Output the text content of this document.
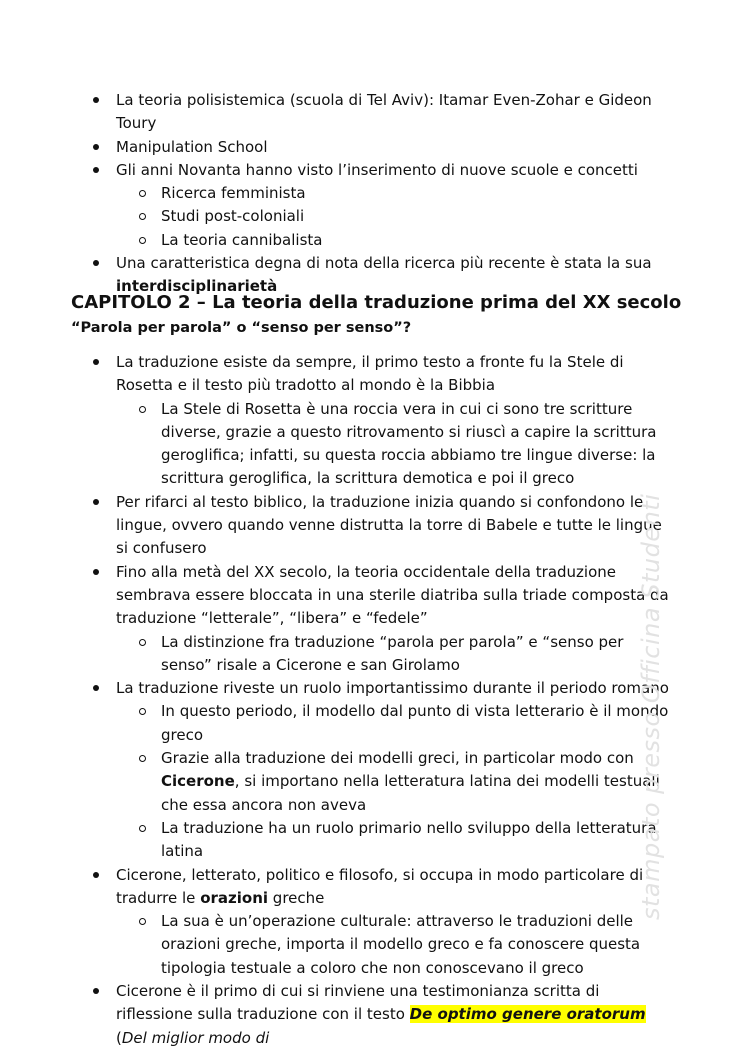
La teoria polisistemica (scuola di Tel Aviv): Itamar Even-Zohar e Gideon Toury
Manipulation School
Gli anni Novanta hanno visto l’inserimento di nuove scuole e concetti
Ricerca femminista
Studi post-coloniali
La teoria cannibalista
Una caratteristica degna di nota della ricerca più recente è stata la sua interdisciplinarietà
CAPITOLO 2 – La teoria della traduzione prima del XX secolo
“Parola per parola” o “senso per senso”?
La traduzione esiste da sempre, il primo testo a fronte fu la Stele di Rosetta e il testo più tradotto al mondo è la Bibbia
La Stele di Rosetta è una roccia vera in cui ci sono tre scritture diverse, grazie a questo ritrovamento si riuscì a capire la scrittura geroglifica; infatti, su questa roccia abbiamo tre lingue diverse: la scrittura geroglifica, la scrittura demotica e poi il greco
Per rifarci al testo biblico, la traduzione inizia quando si confondono le lingue, ovvero quando venne distrutta la torre di Babele e tutte le lingue si confusero
Fino alla metà del XX secolo, la teoria occidentale della traduzione sembrava essere bloccata in una sterile diatriba sulla triade composta da traduzione “letterale”, “libera” e “fedele”
La distinzione fra traduzione “parola per parola” e “senso per senso” risale a Cicerone e san Girolamo
La traduzione riveste un ruolo importantissimo durante il periodo romano
In questo periodo, il modello dal punto di vista letterario è il mondo greco
Grazie alla traduzione dei modelli greci, in particolar modo con Cicerone, si importano nella letteratura latina dei modelli testuali che essa ancora non aveva
La traduzione ha un ruolo primario nello sviluppo della letteratura latina
Cicerone, letterato, politico e filosofo, si occupa in modo particolare di tradurre le orazioni greche
La sua è un’operazione culturale: attraverso le traduzioni delle orazioni greche, importa il modello greco e fa conoscere questa tipologia testuale a coloro che non conoscevano il greco
Cicerone è il primo di cui si rinviene una testimonianza scritta di riflessione sulla traduzione con il testo De optimo genere oratorum (Del miglior modo di
stampato presso Officina Studenti
